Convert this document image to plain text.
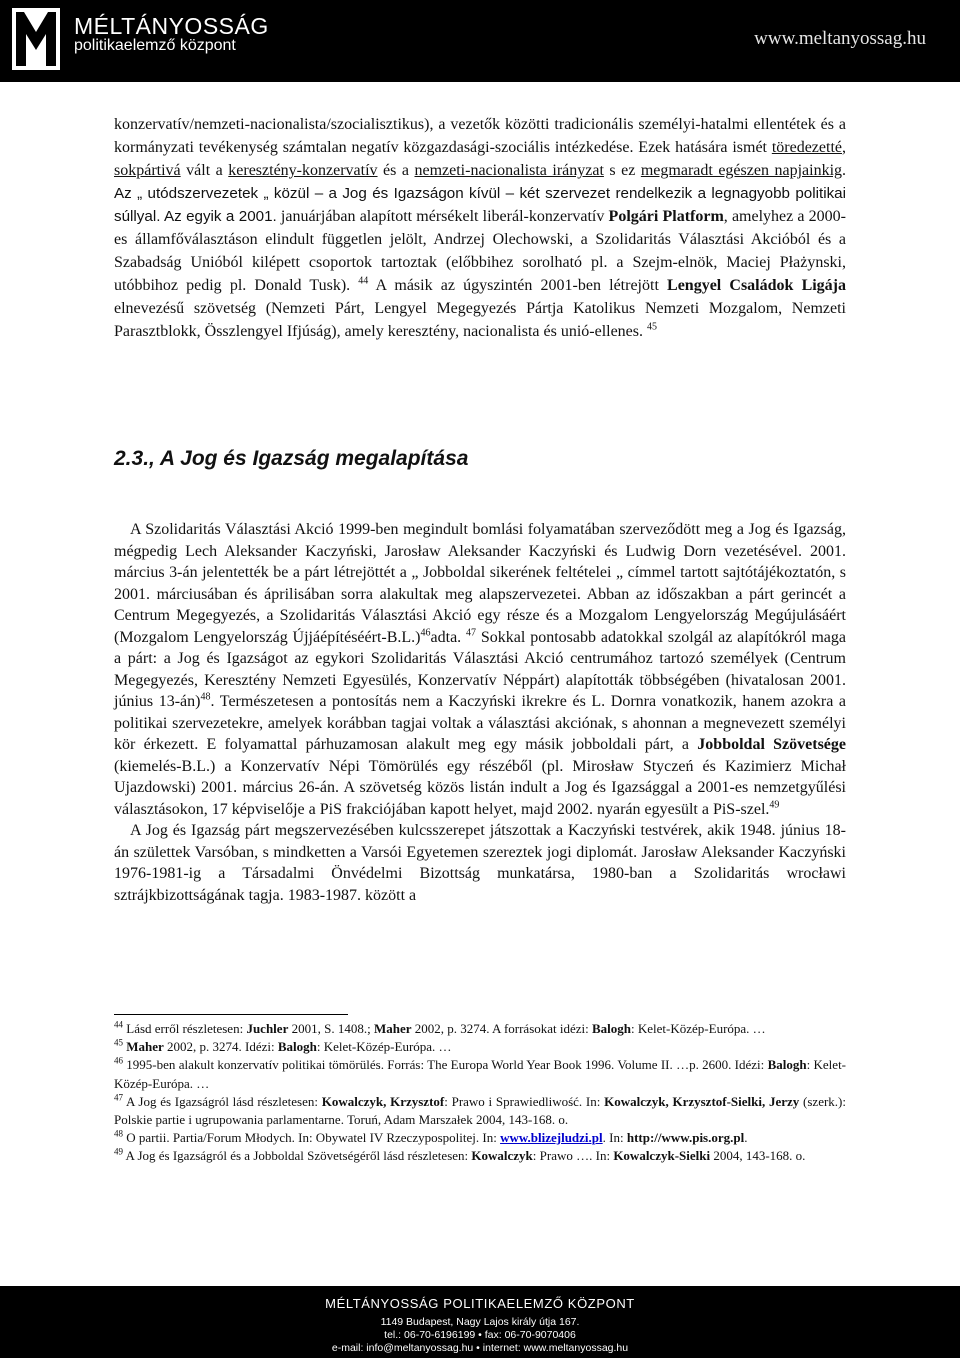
MÉLTÁNYOSSÁG
politikaelemző központ	www.meltanyossag.hu

konzervatív/nemzeti-nacionalista/szocialisztikus), a vezetők közötti tradicionális személyi-hatalmi ellentétek és a kormányzati tevékenység számtalan negatív közgazdasági-szociális intézkedése. Ezek hatására ismét töredezetté, sokpártivá vált a keresztény-konzervatív és a nemzeti-nacionalista irányzat s ez megmaradt egészen napjainkig. Az „ utódszervezetek „ közül – a Jog és Igazságon kívül – két szervezet rendelkezik a legnagyobb politikai súllyal. Az egyik a 2001. januárjában alapított mérsékelt liberál-konzervatív Polgári Platform, amelyhez a 2000-es államfőválasztáson elindult független jelölt, Andrzej Olechowski, a Szolidaritás Választási Akcióból és a Szabadság Unióból kilépett csoportok tartoztak (előbbihez sorolható pl. a Szejm-elnök, Maciej Płażynski, utóbbihoz pedig pl. Donald Tusk). $^{44}$ A másik az úgyszintén 2001-ben létrejött Lengyel Családok Ligája elnevezésű szövetség (Nemzeti Párt, Lengyel Megegyezés Pártja Katolikus Nemzeti Mozgalom, Nemzeti Parasztblokk, Összlengyel Ifjúság), amely keresztény, nacionalista és unió-ellenes. $^{45}$

2.3., A Jog és Igazság megalapítása

A Szolidaritás Választási Akció 1999-ben megindult bomlási folyamatában szerveződött meg a Jog és Igazság, mégpedig Lech Aleksander Kaczyński, Jarosław Aleksander Kaczyński és Ludwig Dorn vezetésével. 2001. március 3-án jelentették be a párt létrejöttét a „ Jobboldal sikerének feltételei „ címmel tartott sajtótájékoztatón, s 2001. márciusában és áprilisában sorra alakultak meg alapszervezetei. Abban az időszakban a párt gerincét a Centrum Megegyezés, a Szolidaritás Választási Akció egy része és a Mozgalom Lengyelország Megújulásáért (Mozgalom Lengyelország Újjáépítéséért-B.L.)$^{46}$adta. $^{47}$ Sokkal pontosabb adatokkal szolgál az alapítókról maga a párt: a Jog és Igazságot az egykori Szolidaritás Választási Akció centrumához tartozó személyek (Centrum Megegyezés, Keresztény Nemzeti Egyesülés, Konzervatív Néppárt) alapították többségében (hivatalosan 2001. június 13-án)$^{48}$. Természetesen a pontosítás nem a Kaczyński ikrekre és L. Dornra vonatkozik, hanem azokra a politikai szervezetekre, amelyek korábban tagjai voltak a választási akciónak, s ahonnan a megnevezett személyi kör érkezett. E folyamattal párhuzamosan alakult meg egy másik jobboldali párt, a Jobboldal Szövetsége (kiemelés-B.L.) a Konzervatív Népi Tömörülés egy részéből (pl. Mirosław Styczeń és Kazimierz Michał Ujazdowski) 2001. március 26-án. A szövetség közös listán indult a Jog és Igazsággal a 2001-es nemzetgyűlési választásokon, 17 képviselője a PiS frakciójában kapott helyet, majd 2002. nyarán egyesült a PiS-szel.$^{49}$

A Jog és Igazság párt megszervezésében kulcsszerepet játszottak a Kaczyński testvérek, akik 1948. június 18-án születtek Varsóban, s mindketten a Varsói Egyetemen szereztek jogi diplomát. Jarosław Aleksander Kaczyński 1976-1981-ig a Társadalmi Önvédelmi Bizottság munkatársa, 1980-ban a Szolidaritás wrocławi sztrájkbizottságának tagja. 1983-1987. között a

$^{44}$ Lásd erről részletesen: Juchler 2001, S. 1408.; Maher 2002, p. 3274. A forrásokat idézi: Balogh: Kelet-Közép-Európa. …

$^{45}$ Maher 2002, p. 3274. Idézi: Balogh: Kelet-Közép-Európa. …

$^{46}$ 1995-ben alakult konzervatív politikai tömörülés. Forrás: The Europa World Year Book 1996. Volume II. …p. 2600. Idézi: Balogh: Kelet-Közép-Európa. …

$^{47}$ A Jog és Igazságról lásd részletesen: Kowalczyk, Krzysztof: Prawo i Sprawiedliwość. In: Kowalczyk, Krzysztof-Sielki, Jerzy (szerk.): Polskie partie i ugrupowania parlamentarne. Toruń, Adam Marszałek 2004, 143-168. o.

$^{48}$ O partii. Partia/Forum Młodych. In: Obywatel IV Rzeczypospolitej. In: www.blizejludzi.pl. In: http://www.pis.org.pl.

$^{49}$ A Jog és Igazságról és a Jobboldal Szövetségéről lásd részletesen: Kowalczyk: Prawo …. In: Kowalczyk-Sielki 2004, 143-168. o.

MÉLTÁNYOSSÁG POLITIKAELEMZŐ KÖZPONT
1149 Budapest, Nagy Lajos király útja 167.
tel.: 06-70-6196199 • fax: 06-70-9070406
e-mail: info@meltanyossag.hu • internet: www.meltanyossag.hu
